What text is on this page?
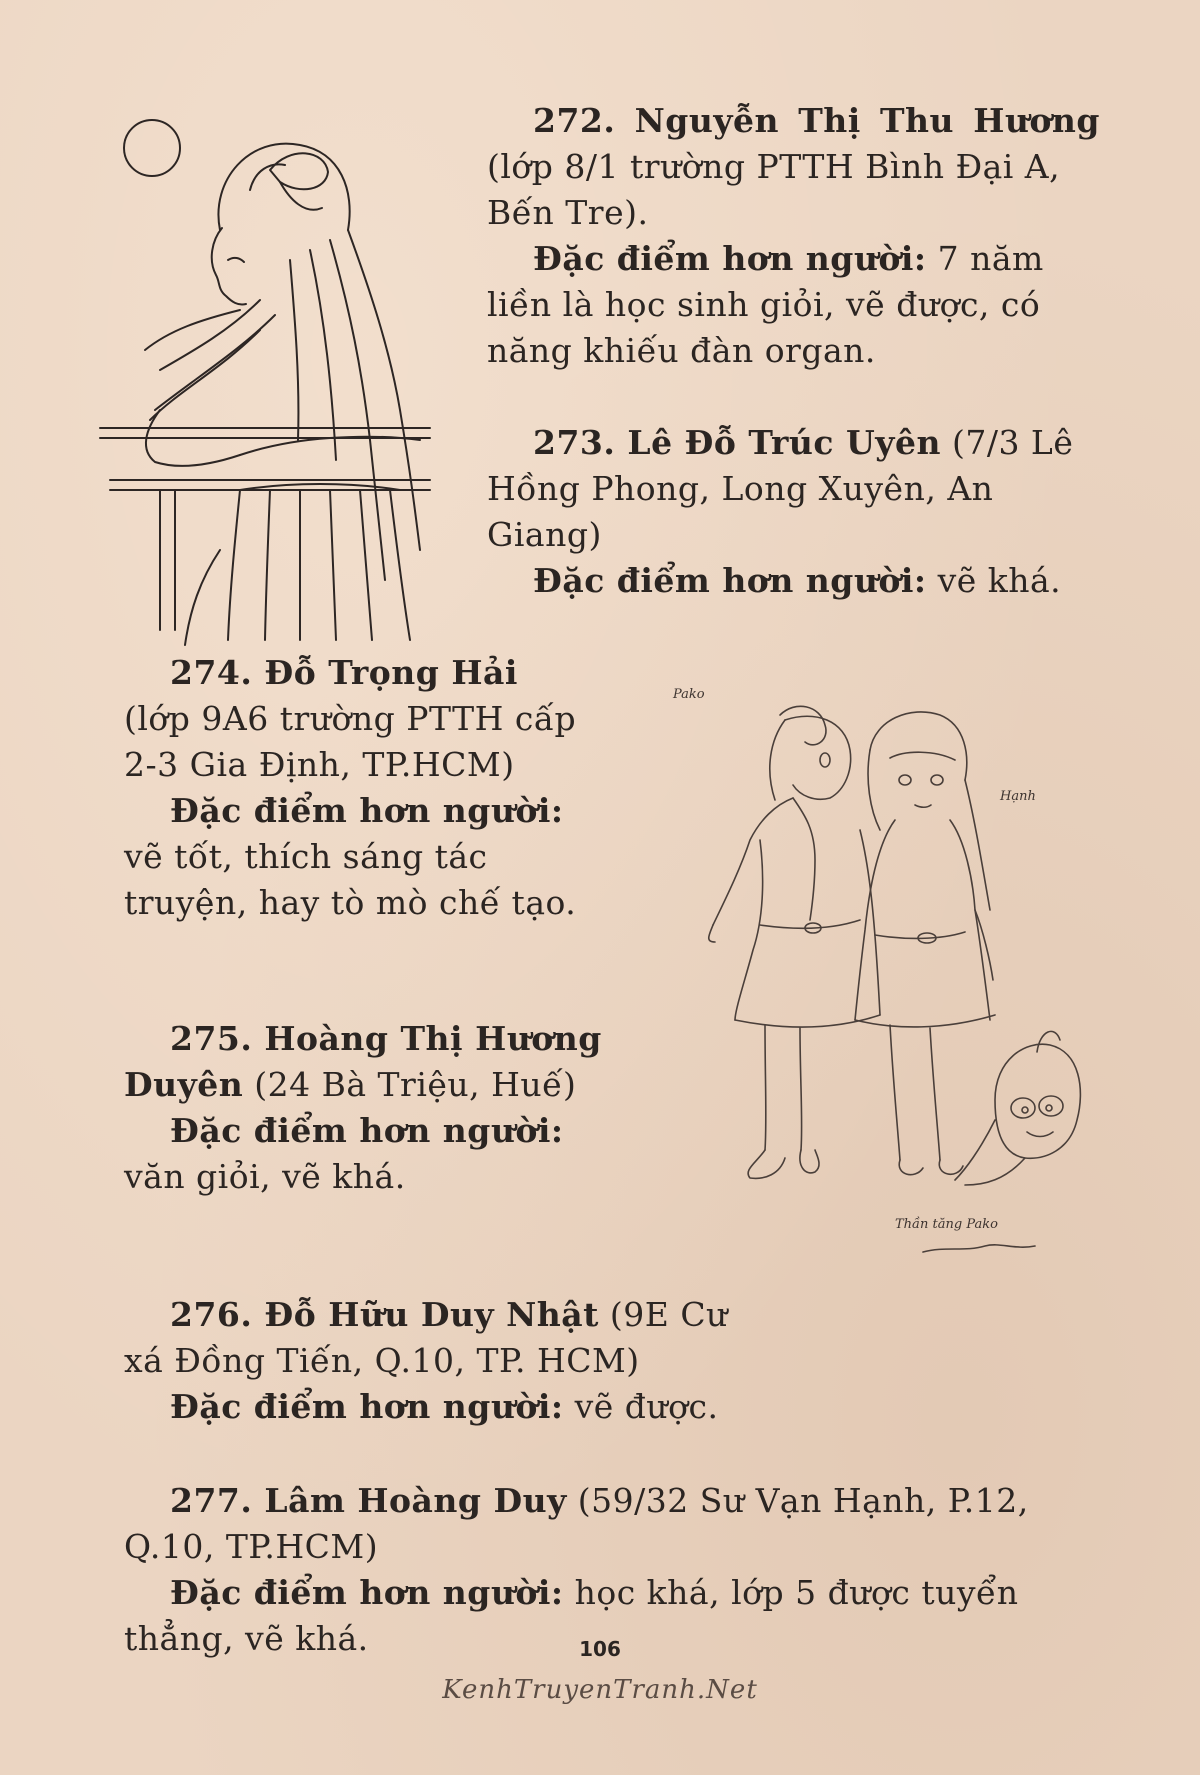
Pako
Hạnh
Thần tăng Pako

272. Nguyễn Thị Thu Hương

(lớp 8/1 trường PTTH Bình Đại A, Bến Tre).

Đặc điểm hơn người: 7 năm liền là học sinh giỏi, vẽ được, có năng khiếu đàn organ.

273. Lê Đỗ Trúc Uyên (7/3 Lê Hồng Phong, Long Xuyên, An Giang)

Đặc điểm hơn người: vẽ khá.

274. Đỗ Trọng Hải

(lớp 9A6 trường PTTH cấp 2-3 Gia Định, TP.HCM)

Đặc điểm hơn người: vẽ tốt, thích sáng tác truyện, hay tò mò chế tạo.

275. Hoàng Thị Hương Duyên (24 Bà Triệu, Huế)

Đặc điểm hơn người: văn giỏi, vẽ khá.

276. Đỗ Hữu Duy Nhật (9E Cư xá Đồng Tiến, Q.10, TP. HCM)

Đặc điểm hơn người: vẽ được.

277. Lâm Hoàng Duy (59/32 Sư Vạn Hạnh, P.12, Q.10, TP.HCM)

Đặc điểm hơn người: học khá, lớp 5 được tuyển thẳng, vẽ khá.	106
KenhTruyenTranh.Net
